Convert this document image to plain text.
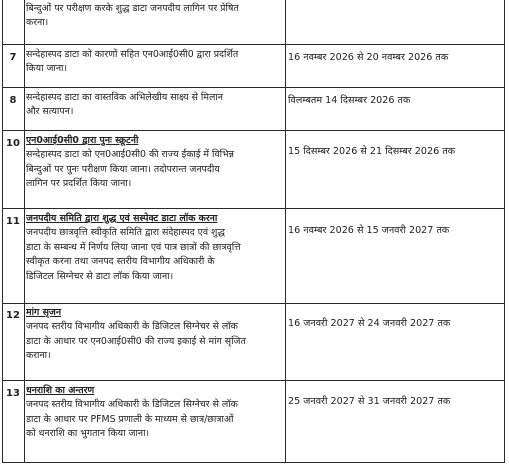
बिन्दुओं पर परीक्षण करके शुद्ध डाटा जनपदीय लागिन पर प्रेषित
करना।
7	सन्देहास्पद डाटा को कारणों सहित एन0आई0सी0 द्वारा प्रदर्शित
किया जाना।
16 नवम्बर 2026 से 20 नवम्बर 2026 तक
8	सन्देहास्पद डाटा का वास्तविक अभिलेखीय साक्ष्य से मिलान
और सत्यापन।
विलम्बतम 14 दिसम्बर 2026 तक
10 एन0आई0सी0 द्वारा पुनः स्क्रूटनी
सन्देहास्पद डाटा को एन0आई0सी0 की राज्य ईकाई में विभिन्न
बिन्दुओं पर पुनः परीक्षण किया जाना। तदोपरान्त जनपदीय
लागिन पर प्रदर्शित किया जाना।
15 दिसम्बर 2026 से 21 दिसम्बर 2026 तक
11 जनपदीय समिति द्वारा शुद्ध एवं सस्पेक्ट डाटा लॉक करना
जनपदीय छात्रवृत्ति स्वीकृति समिति द्वारा संदेहास्पद एवं शुद्ध
डाटा के सम्बन्ध में निर्णय लिया जाना एवं पात्र छात्रों की छात्रवृत्ति
स्वीकृत करना तथा जनपद स्तरीय विभागीय अधिकारी के
डिजिटल सिग्नेचर से डाटा लॉक किया जाना।
16 नवम्बर 2026 से 15 जनवरी 2027 तक
12 मांग सृजन
जनपद स्तरीय विभागीय अधिकारी के डिजिटल सिग्नेचर से लॉक
डाटा के आधार पर एन0आई0सी0 की राज्य इकाई से मांग सृजित
कराना।
16 जनवरी 2027 से 24 जनवरी 2027 तक
13 धनराशि का अन्तरण
जनपद स्तरीय विभागीय अधिकारी के डिजिटल सिग्नेचर से लॉक
डाटा के आधार पर PFMS प्रणाली के माध्यम से छात्र/छात्राओं
को धनराशि का भुगतान किया जाना।
25 जनवरी 2027 से 31 जनवरी 2027 तक
